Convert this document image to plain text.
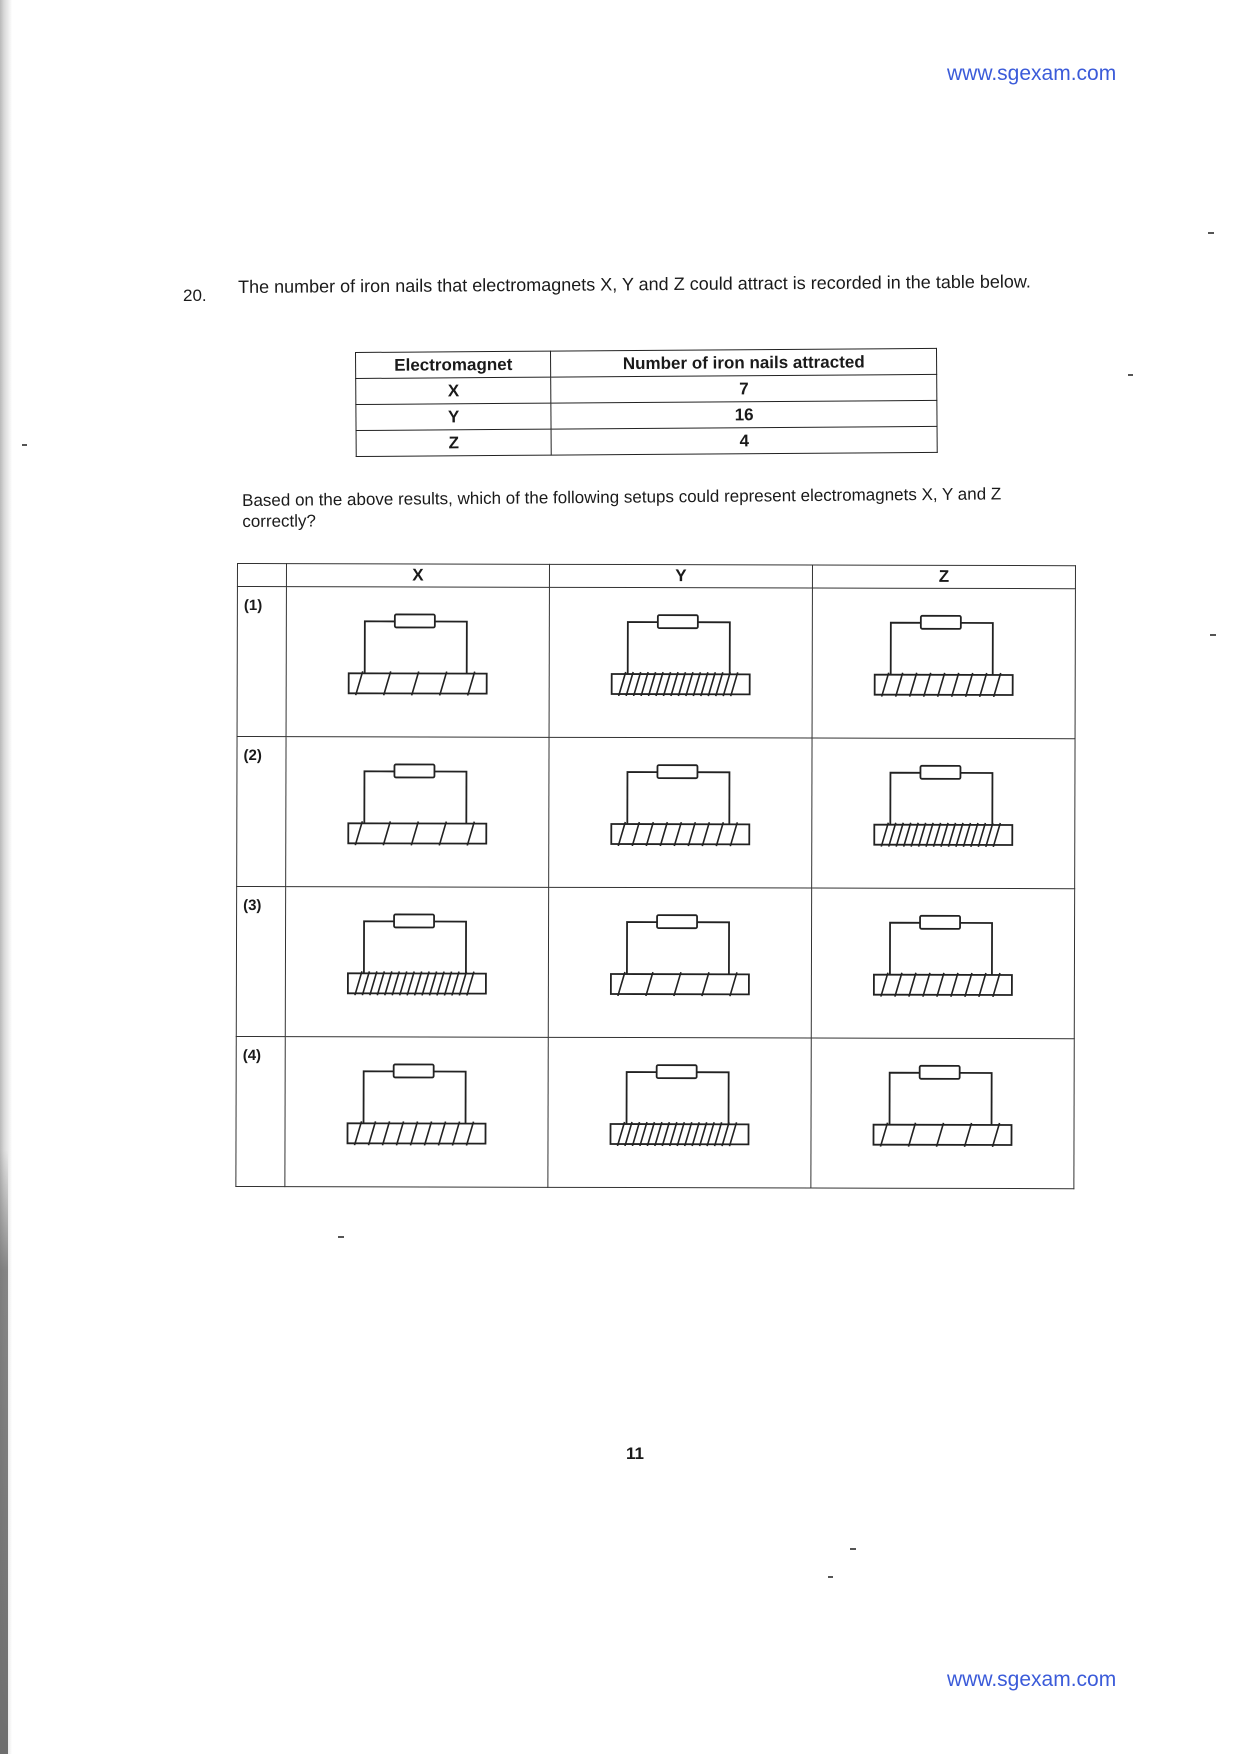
www.sgexam.com
20. The number of iron nails that electromagnets X, Y and Z could attract is recorded in the table below.
Electromagnet	Number of iron nails attracted
X	7
Y	16
Z	4
Based on the above results, which of the following setups could represent electromagnets X, Y and Z correctly?
	X	Y	Z
(1)	

(2)	

(3)	

(4)	

11
www.sgexam.com
